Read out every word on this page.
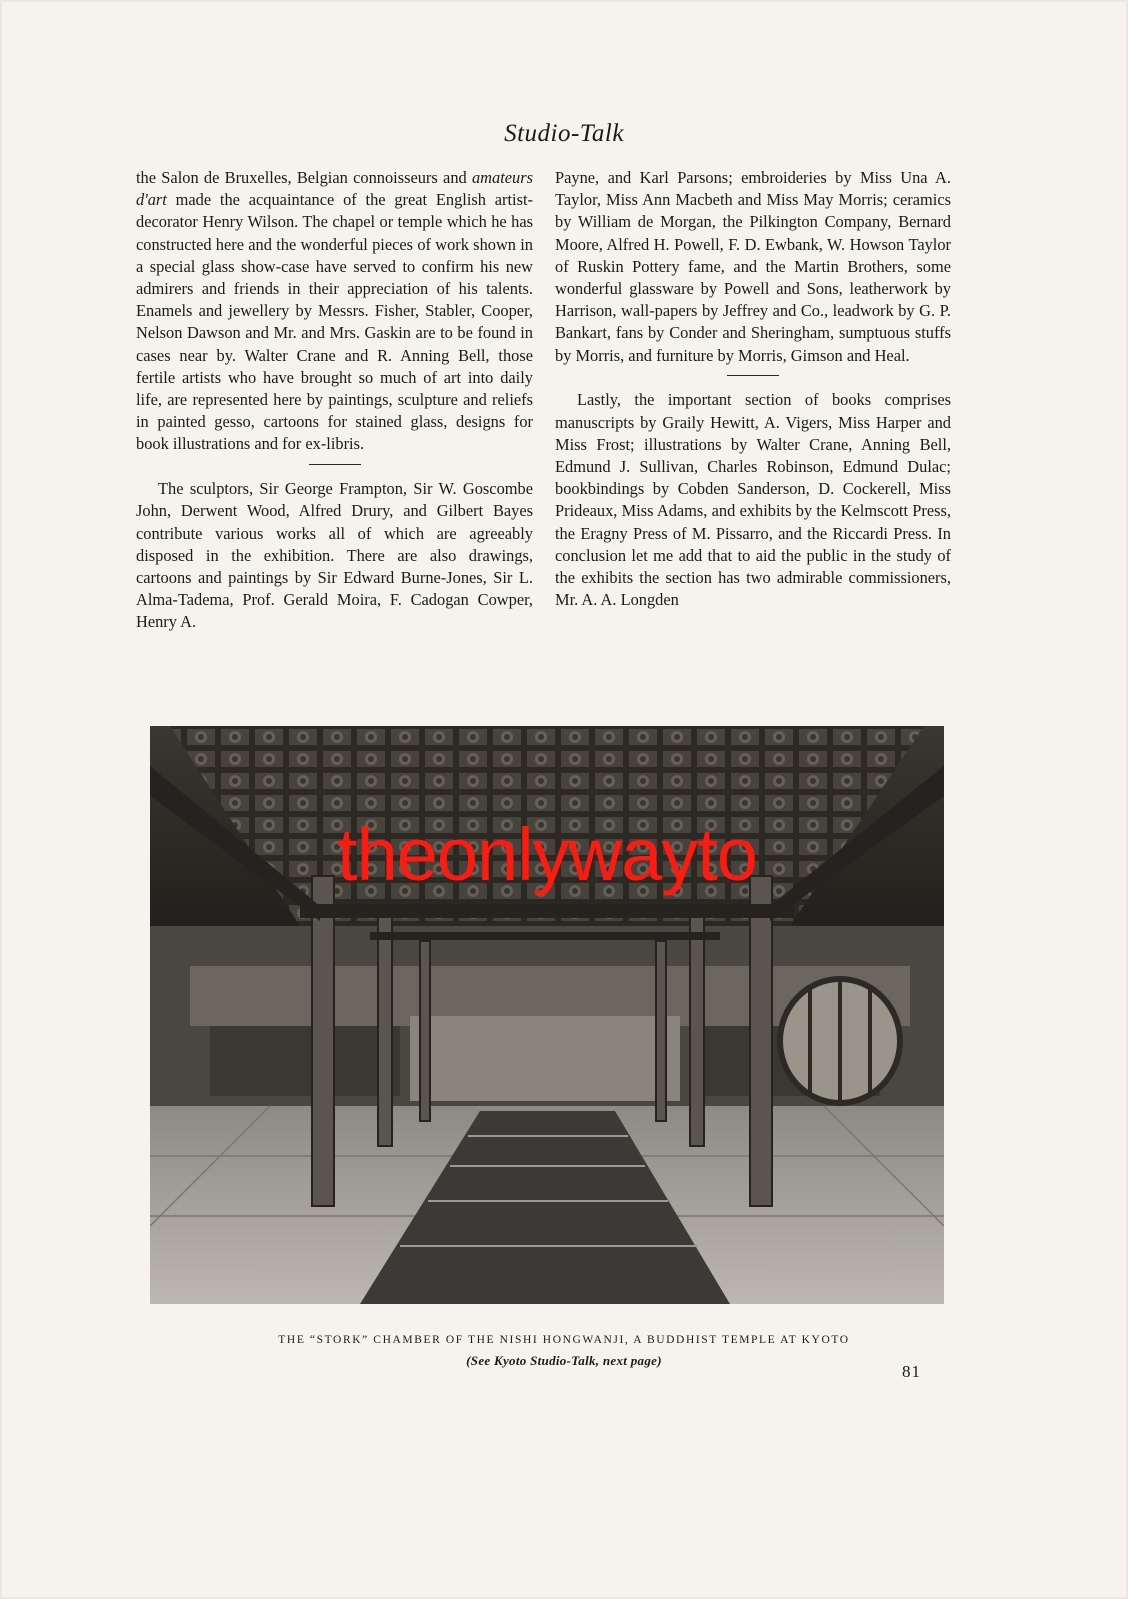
Studio-Talk

the Salon de Bruxelles, Belgian connoisseurs and amateurs d'art made the acquaintance of the great English artist-decorator Henry Wilson. The chapel or temple which he has constructed here and the wonderful pieces of work shown in a special glass show-case have served to confirm his new admirers and friends in their appreciation of his talents. Enamels and jewellery by Messrs. Fisher, Stabler, Cooper, Nelson Dawson and Mr. and Mrs. Gaskin are to be found in cases near by. Walter Crane and R. Anning Bell, those fertile artists who have brought so much of art into daily life, are represented here by paintings, sculpture and reliefs in painted gesso, cartoons for stained glass, designs for book illustrations and for ex-libris.

The sculptors, Sir George Frampton, Sir W. Goscombe John, Derwent Wood, Alfred Drury, and Gilbert Bayes contribute various works all of which are agreeably disposed in the exhibition. There are also drawings, cartoons and paintings by Sir Edward Burne-Jones, Sir L. Alma-Tadema, Prof. Gerald Moira, F. Cadogan Cowper, Henry A.

Payne, and Karl Parsons; embroideries by Miss Una A. Taylor, Miss Ann Macbeth and Miss May Morris; ceramics by William de Morgan, the Pilkington Company, Bernard Moore, Alfred H. Powell, F. D. Ewbank, W. Howson Taylor of Ruskin Pottery fame, and the Martin Brothers, some wonderful glassware by Powell and Sons, leatherwork by Harrison, wall-papers by Jeffrey and Co., leadwork by G. P. Bankart, fans by Conder and Sheringham, sumptuous stuffs by Morris, and furniture by Morris, Gimson and Heal.

Lastly, the important section of books comprises manuscripts by Graily Hewitt, A. Vigers, Miss Harper and Miss Frost; illustrations by Walter Crane, Anning Bell, Edmund J. Sullivan, Charles Robinson, Edmund Dulac; bookbindings by Cobden Sanderson, D. Cockerell, Miss Prideaux, Miss Adams, and exhibits by the Kelmscott Press, the Eragny Press of M. Pissarro, and the Riccardi Press. In conclusion let me add that to aid the public in the study of the exhibits the section has two admirable commissioners, Mr. A. A. Longden

theonlywayto
THE “STORK” CHAMBER OF THE NISHI HONGWANJI, A BUDDHIST TEMPLE AT KYOTO
(See Kyoto Studio-Talk, next page)
81
